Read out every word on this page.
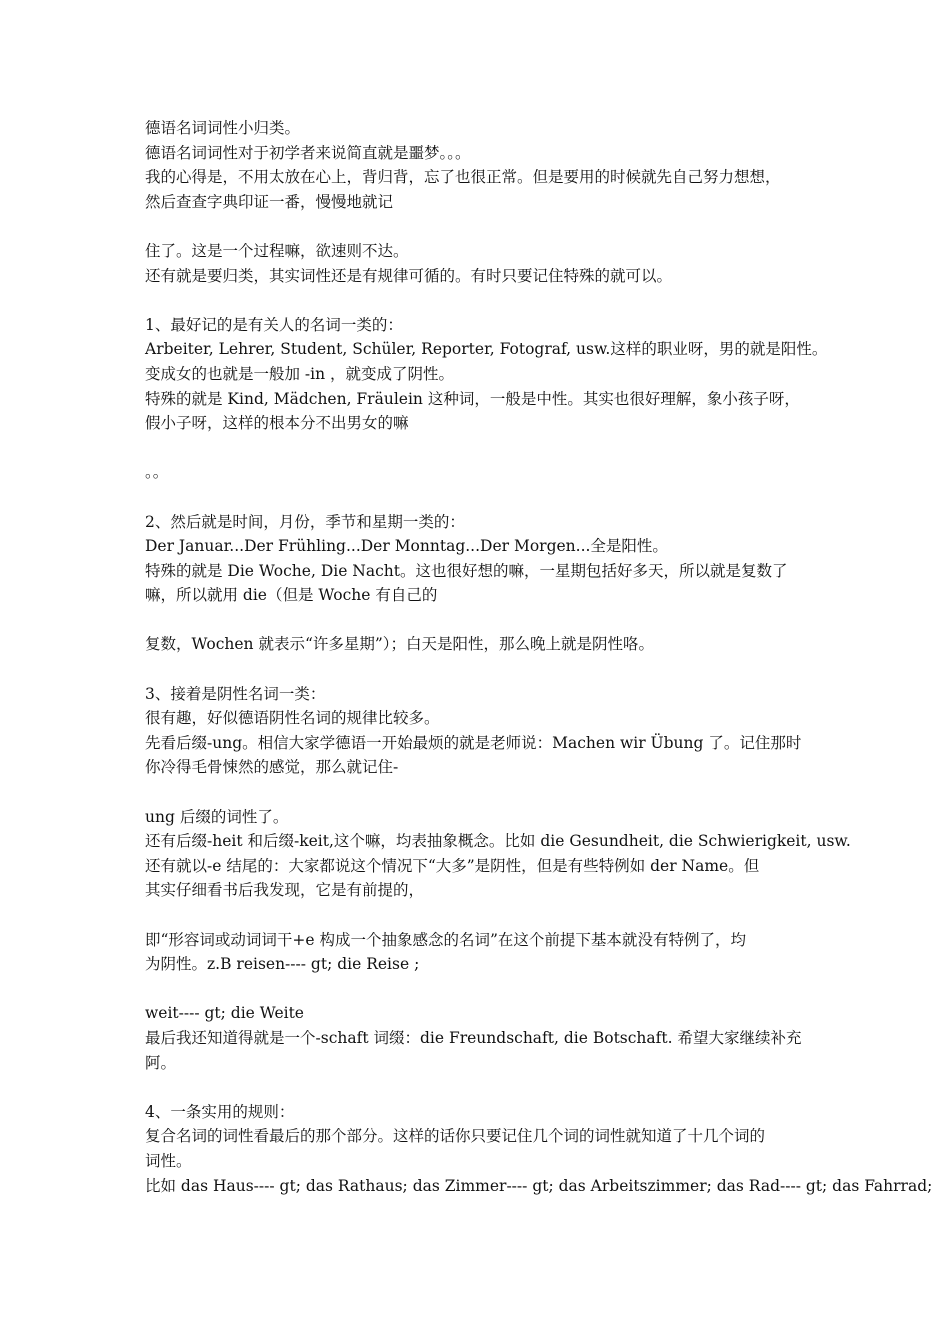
德语名词词性小归类。
德语名词词性对于初学者来说简直就是噩梦。。。
我的心得是，不用太放在心上，背归背，忘了也很正常。但是要用的时候就先自己努力想想，
然后查查字典印证一番，慢慢地就记
住了。这是一个过程嘛，欲速则不达。
还有就是要归类，其实词性还是有规律可循的。有时只要记住特殊的就可以。
1、最好记的是有关人的名词一类的：
Arbeiter, Lehrer, Student, Schüler, Reporter, Fotograf, usw.这样的职业呀，男的就是阳性。
变成女的也就是一般加 -in ，就变成了阴性。
特殊的就是 Kind, Mädchen, Fräulein 这种词，一般是中性。其实也很好理解，象小孩子呀，
假小子呀，这样的根本分不出男女的嘛
。。
2、然后就是时间，月份，季节和星期一类的：
Der Januar...Der Frühling...Der Monntag...Der Morgen...全是阳性。
特殊的就是 Die Woche, Die Nacht。这也很好想的嘛，一星期包括好多天，所以就是复数了
嘛，所以就用 die（但是 Woche 有自己的
复数，Wochen 就表示“许多星期”）；白天是阳性，那么晚上就是阴性咯。
3、接着是阴性名词一类：
很有趣，好似德语阴性名词的规律比较多。
先看后缀-ung。相信大家学德语一开始最烦的就是老师说：Machen wir Übung 了。记住那时
你冷得毛骨悚然的感觉，那么就记住-
ung 后缀的词性了。
还有后缀-heit 和后缀-keit,这个嘛，均表抽象概念。比如 die Gesundheit, die Schwierigkeit, usw.
还有就以-e 结尾的：大家都说这个情况下“大多”是阴性，但是有些特例如 der Name。但
其实仔细看书后我发现，它是有前提的，
即“形容词或动词词干+e 构成一个抽象感念的名词”在这个前提下基本就没有特例了，均
为阴性。z.B reisen---- gt; die Reise ;
weit---- gt; die Weite
最后我还知道得就是一个-schaft 词缀：die Freundschaft, die Botschaft. 希望大家继续补充
阿。
4、一条实用的规则：
复合名词的词性看最后的那个部分。这样的话你只要记住几个词的词性就知道了十几个词的
词性。
比如 das Haus---- gt; das Rathaus; das Zimmer---- gt; das Arbeitszimmer; das Rad---- gt; das Fahrrad;
